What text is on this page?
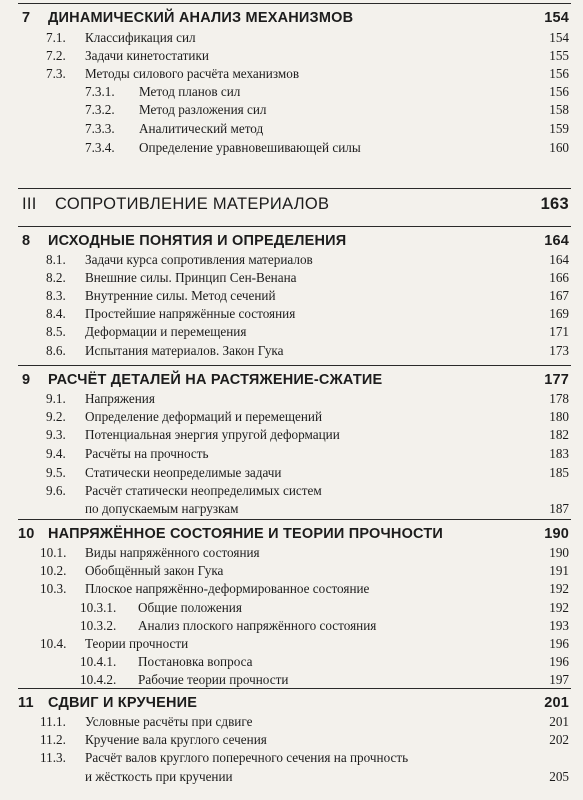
7 ДИНАМИЧЕСКИЙ АНАЛИЗ МЕХАНИЗМОВ	154
7.1. Классификация сил	154
7.2. Задачи кинетостатики	155
7.3. Методы силового расчёта механизмов	156
7.3.1. Метод планов сил	156
7.3.2. Метод разложения сил	158
7.3.3. Аналитический метод	159
7.3.4. Определение уравновешивающей силы	160
III СОПРОТИВЛЕНИЕ МАТЕРИАЛОВ	163
8 ИСХОДНЫЕ ПОНЯТИЯ И ОПРЕДЕЛЕНИЯ	164
8.1. Задачи курса сопротивления материалов	164
8.2. Внешние силы. Принцип Сен-Венана	166
8.3. Внутренние силы. Метод сечений	167
8.4. Простейшие напряжённые состояния	169
8.5. Деформации и перемещения	171
8.6. Испытания материалов. Закон Гука	173
9 РАСЧЁТ ДЕТАЛЕЙ НА РАСТЯЖЕНИЕ-СЖАТИЕ	177
9.1. Напряжения	178
9.2. Определение деформаций и перемещений	180
9.3. Потенциальная энергия упругой деформации	182
9.4. Расчёты на прочность	183
9.5. Статически неопределимые задачи	185
9.6. Расчёт статически неопределимых систем
по допускаемым нагрузкам	187
10 НАПРЯЖЁННОЕ СОСТОЯНИЕ И ТЕОРИИ ПРОЧНОСТИ	190
10.1. Виды напряжённого состояния	190
10.2. Обобщённый закон Гука	191
10.3. Плоское напряжённо-деформированное состояние	192
10.3.1. Общие положения	192
10.3.2. Анализ плоского напряжённого состояния	193
10.4. Теории прочности	196
10.4.1. Постановка вопроса	196
10.4.2. Рабочие теории прочности	197
11 СДВИГ И КРУЧЕНИЕ	201
11.1. Условные расчёты при сдвиге	201
11.2. Кручение вала круглого сечения	202
11.3. Расчёт валов круглого поперечного сечения на прочность
и жёсткость при кручении	205
